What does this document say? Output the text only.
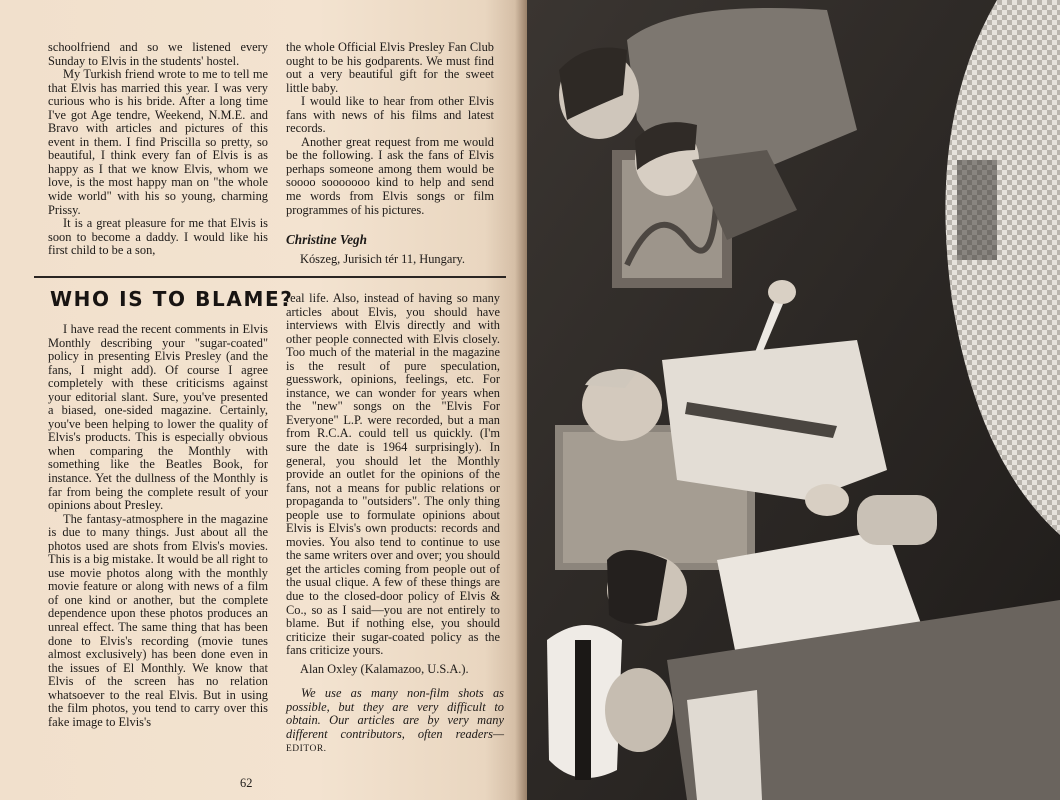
schoolfriend and so we listened every Sunday to Elvis in the students' hostel.

My Turkish friend wrote to me to tell me that Elvis has married this year. I was very curious who is his bride. After a long time I've got Age tendre, Weekend, N.M.E. and Bravo with articles and pictures of this event in them. I find Priscilla so pretty, so beautiful, I think every fan of Elvis is as happy as I that we know Elvis, whom we love, is the most happy man on "the whole wide world" with his so young, charming Prissy.

It is a great pleasure for me that Elvis is soon to become a daddy. I would like his first child to be a son,

the whole Official Elvis Presley Fan Club ought to be his godparents. We must find out a very beautiful gift for the sweet little baby.

I would like to hear from other Elvis fans with news of his films and latest records.

Another great request from me would be the following. I ask the fans of Elvis perhaps someone among them would be soooo sooooooo kind to help and send me words from Elvis songs or film programmes of his pictures.

Christine Vegh
Kószeg, Jurisich tér 11, Hungary.
WHO IS TO BLAME?

I have read the recent comments in Elvis Monthly describing your "sugar-coated" policy in presenting Elvis Presley (and the fans, I might add). Of course I agree completely with these criticisms against your editorial slant. Sure, you've presented a biased, one-sided magazine. Certainly, you've been helping to lower the quality of Elvis's products. This is especially obvious when comparing the Monthly with something like the Beatles Book, for instance. Yet the dullness of the Monthly is far from being the complete result of your opinions about Presley.

The fantasy-atmosphere in the magazine is due to many things. Just about all the photos used are shots from Elvis's movies. This is a big mistake. It would be all right to use movie photos along with the monthly movie feature or along with news of a film of one kind or another, but the complete dependence upon these photos produces an unreal effect. The same thing that has been done to Elvis's recording (movie tunes almost exclusively) has been done even in the issues of El Monthly. We know that Elvis of the screen has no relation whatsoever to the real Elvis. But in using the film photos, you tend to carry over this fake image to Elvis's

real life. Also, instead of having so many articles about Elvis, you should have interviews with Elvis directly and with other people connected with Elvis closely. Too much of the material in the magazine is the result of pure speculation, guesswork, opinions, feelings, etc. For instance, we can wonder for years when the "new" songs on the "Elvis For Everyone" L.P. were recorded, but a man from R.C.A. could tell us quickly. (I'm sure the date is 1964 surprisingly). In general, you should let the Monthly provide an outlet for the opinions of the fans, not a means for public relations or propaganda to "outsiders". The only thing people use to formulate opinions about Elvis is Elvis's own products: records and movies. You also tend to continue to use the same writers over and over; you should get the articles coming from people out of the usual clique. A few of these things are due to the closed-door policy of Elvis & Co., so as I said—you are not entirely to blame. But if nothing else, you should criticize their sugar-coated policy as the fans criticize yours.

Alan Oxley (Kalamazoo, U.S.A.).
We use as many non-film shots as possible, but they are very difficult to obtain. Our articles are by very many different contributors, often readers— EDITOR.
62
